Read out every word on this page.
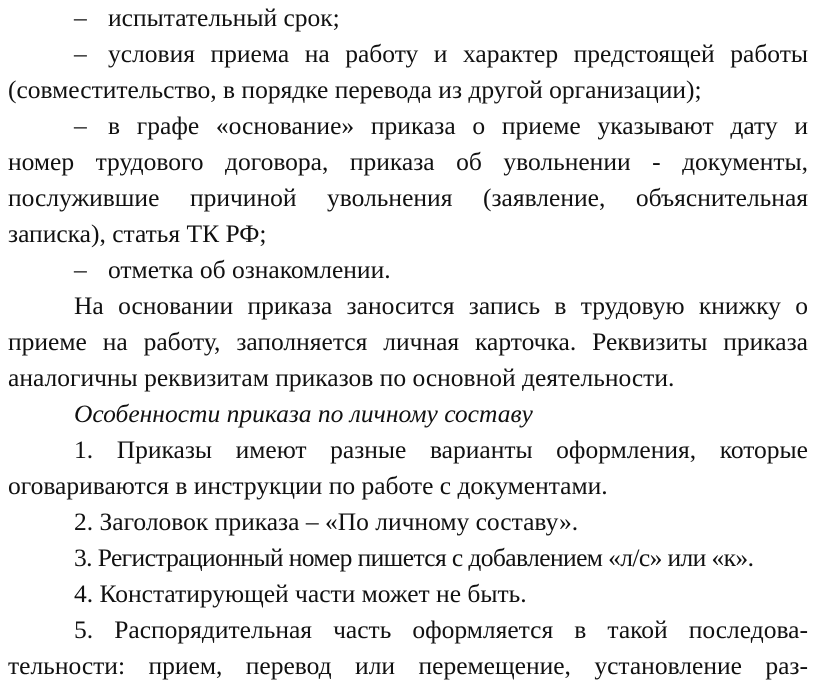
– испытательный срок;
– условия приема на работу и характер предстоящей работы
(совместительство, в порядке перевода из другой организации);
– в графе «основание» приказа о приеме указывают дату и
номер трудового договора, приказа об увольнении - документы,
послужившие причиной увольнения (заявление, объяснительная
записка), статья ТК РФ;
– отметка об ознакомлении.
На основании приказа заносится запись в трудовую книжку о
приеме на работу, заполняется личная карточка. Реквизиты приказа
аналогичны реквизитам приказов по основной деятельности.
Особенности приказа по личному составу
1. Приказы имеют разные варианты оформления, которые
оговариваются в инструкции по работе с документами.
2. Заголовок приказа – «По личному составу».
3. Регистрационный номер пишется с добавлением «л/с» или «к».
4. Констатирующей части может не быть.
5. Распорядительная часть оформляется в такой последова-
тельности: прием, перевод или перемещение, установление раз-
